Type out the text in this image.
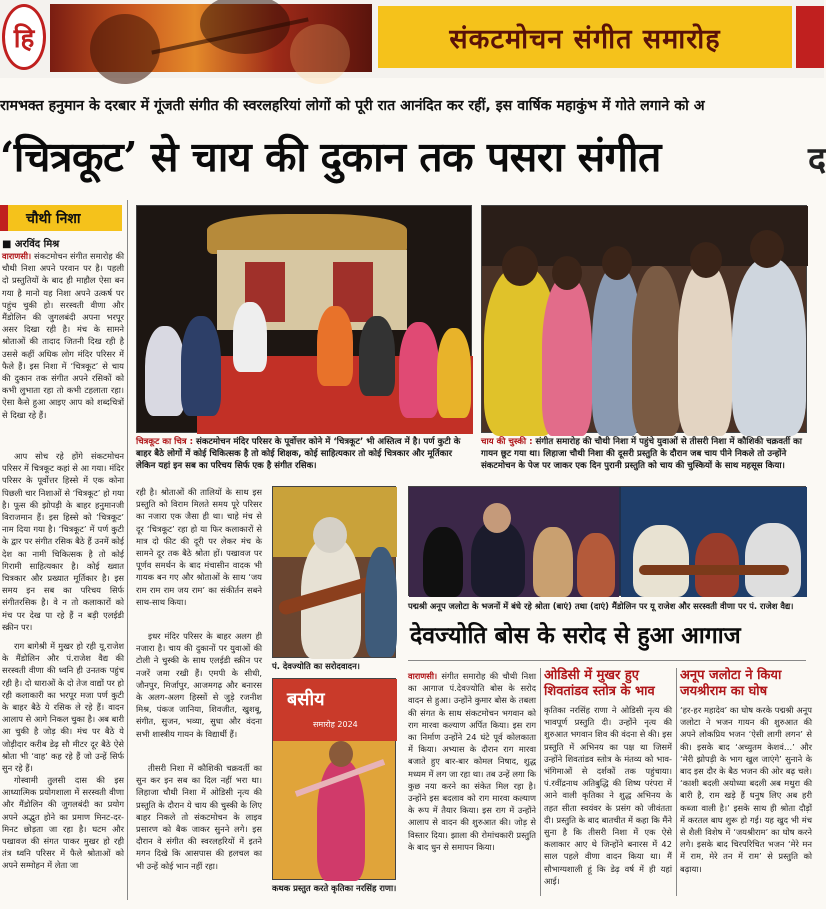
हि	संकटमोचन संगीत समारोह
रामभक्त हनुमान के दरबार में गूंजती संगीत की स्वरलहरियां लोगों को पूरी रात आनंदित कर रहीं, इस वार्षिक महाकुंभ में गोते लगाने को अ
‘चित्रकूट’ से चाय की दुकान तक पसरा संगीत	द
चौथी निशा
■ अरविंद मिश्र
वाराणसी। संकटमोचन संगीत समारोह की चौथी निशा अपने परवान पर है। पहली दो प्रस्तुतियों के बाद ही माहौल ऐसा बन गया है मानो यह निशा अपने उत्कर्ष पर पहुंच चुकी हो। सरस्वती वीणा और मैंडोलिन की जुगलबंदी अपना भरपूर असर दिखा रही है। मंच के सामने श्रोताओं की तादाद जितनी दिख रही है उससे कहीं अधिक लोग मंदिर परिसर में फैले हैं। इस निशा में ‘चित्रकूट’ से चाय की दुकान तक संगीत अपने रसिकों को कभी लुभाता रहा तो कभी टहलाता रहा। ऐसा कैसे हुआ आइए आप को शब्दचित्रों से दिखा रहे हैं।
आप सोच रहे होंगे संकटमोचन परिसर में चित्रकूट कहां से आ गया। मंदिर परिसर के पूर्वोत्तर हिस्से में एक कोना पिछली चार निशाओं से ‘चित्रकूट’ हो गया है। फूस की झोपड़ी के बाहर हनुमानजी विराजमान हैं। इस हिस्से को ‘चित्रकूट’ नाम दिया गया है। ‘चित्रकूट’ में पर्ण कुटी के द्वार पर संगीत रसिक बैठे हैं उनमें कोई देश का नामी चिकित्सक है तो कोई गिरामी साहित्यकार है। कोई ख्वात चित्रकार और प्रख्यात मूर्तिकार है। इस समय इन सब का परिचय सिर्फ संगीतरसिक है। वे न तो कलाकारों को मंच पर देख पा रहे हैं न बड़ी एलईडी स्क्रीन पर।
राग बागेश्री में मुखर हो रही यू.राजेश के मैंडोलिन और पं.राजेश वैद्य की सरस्वती वीणा की ध्वनि ही उनतक पहुंच रही है। दो धाराओं के दो तेज वाद्यों पर हो रही कलाकारी का भरपूर मजा पर्ण कुटी के बाहर बैठे ये रसिक ले रहे हैं। वादन आलाप से आगे निकल चुका है। अब बारी आ चुकी है जोड़ की। मंच पर बैठे ये जोड़ीदार करीब डेढ़ सौ मीटर दूर बैठे ऐसे श्रोता भी ‘वाह’ कह रहे हैं जो उन्हें सिर्फ सुन रहे हैं।
गोस्वामी तुलसी दास की इस आध्यात्मिक प्रयोगशाला में सरस्वती वीणा और मैंडोलिन की जुगलबंदी का प्रयोग अपने अद्भुत होने का प्रमाण मिनट-दर-मिनट छोड़ता जा रहा है। घटम और पखावज की संगत पाकर मुखर हो रही तंत्र ध्वनि परिसर में फैले श्रोताओं को अपने सम्मोहन में लेता जा
चित्रकूट का चित्र : संकटमोचन मंदिर परिसर के पूर्वोत्तर कोने में ‘चित्रकूट’ भी अस्तित्व में है। पर्ण कुटी के बाहर बैठे लोगों में कोई चिकित्सक है तो कोई शिक्षक, कोई साहित्यकार तो कोई चित्रकार और मूर्तिकार लेकिन यहां इन सब का परिचय सिर्फ एक है संगीत रसिक।
चाय की चुस्की : संगीत समारोह की चौथी निशा में पहुंचे युवाओं से तीसरी निशा में कौशिकी चक्रवर्ती का गायन छूट गया था। लिहाजा चौथी निशा की दूसरी प्रस्तुति के दौरान जब चाय पीने निकले तो उन्होंने संकटमोचन के पेज पर जाकर एक दिन पुरानी प्रस्तुति को चाय की चुस्कियों के साथ महसूस किया।
रही है। श्रोताओं की तालियों के साथ इस प्रस्तुति को विराम मिलते समय पूरे परिसर का नजारा एक जैसा ही था। चाहे मंच से दूर ‘चित्रकूट’ रहा हो या फिर कलाकारों से मात्र दो फीट की दूरी पर लेकर मंच के सामने दूर तक बैठे श्रोता हों। पखावज पर पूर्णव समर्थन के बाद मंचासीन वादक भी गायक बन गए और श्रोताओं के साथ ‘जय राम राम राम जय राम’ का संकीर्तन सबने साथ-साथ किया।
इधर मंदिर परिसर के बाहर अलग ही नजारा है। चाय की दुकानों पर युवाओं की टोली ने चुस्की के साथ एलईडी स्क्रीन पर नजरें जमा रखी हैं। एमपी के सीधी, जौनपुर, मिर्जापुर, आजमगढ़ और बनारस के अलग-अलग हिस्सों से जुड़े रजनीश मिश्र, पंकज जानिया, शिवजीत, खुशबू, संगीत, सुजन, भव्या, सुधा और वंदना सभी शास्त्रीय गायन के विद्यार्थी हैं।
तीसरी निशा में कौशिकी चक्रवर्ती का सुन कर इन सब का दिल नहीं भरा था। लिहाजा चौथी निशा में ओडिसी नृत्य की प्रस्तुति के दौरान ये चाय की चुस्की के लिए बाहर निकले तो संकटमोचन के लाइव प्रसारण को बैक जाकर सुनने लगे। इस दौरान वे संगीत की स्वरलहरियों में इतने मगन दिखे कि आसपास की हलचल का भी उन्हें कोई भान नहीं रहा।
पं. देवज्योति का सरोदवादन।
पद्मश्री अनूप जलोटा के भजनों में बंधे रहे श्रोता (बाएं) तथा (दाएं) मैंडोलिन पर यू राजेश और सरस्वती वीणा पर पं. राजेश वैद्य।
देवज्योति बोस के सरोद से हुआ आगाज
बसीय
समारोह 2024
कथक प्रस्तुत करते कृतिका नरसिंह राणा।
वाराणसी। संगीत समारोह की चौथी निशा का आगाज पं.देवज्योति बोस के सरोद वादन से हुआ। उन्होंने कुमार बोस के तबला की संगत के साथ संकटमोचन भगवान को राग मारवा कल्याण अर्पित किया। इस राग का निर्माण उन्होंने 24 घंटे पूर्व कोलकाता में किया। अभ्यास के दौरान राग मारवा बजाते हुए बार-बार कोमल निषाद, शुद्ध मध्यम में लग जा रहा था। तब उन्हें लगा कि कुछ नया करने का संकेत मिल रहा है। उन्होंने इस बदलाव को राग मारवा कल्याण के रूप में तैयार किया। इस राग में उन्होंने आलाप से वादन की शुरुआत की। जोड़ से विस्तार दिया। झाला की रोमांचकारी प्रस्तुति के बाद धुन से समापन किया।
ओडिसी में मुखर हुए शिवतांडव स्तोत्र के भाव
कृतिका नरसिंह राणा ने ओडिसी नृत्य की भावपूर्ण प्रस्तुति दी। उन्होंने नृत्य की शुरुआत भगवान शिव की वंदना से की। इस प्रस्तुति में अभिनय का पक्ष था जिसमें उन्होंने शिवतांडव स्तोत्र के मंतव्य को भाव-भंगिमाओं से दर्शकों तक पहुंचाया। पं.रवींद्रनाथ अतिबुद्धि की शिष्य परंपरा में आने वाली कृतिका ने शुद्ध अभिनय के तहत सीता स्वयंवर के प्रसंग को जीवंतता दी। प्रस्तुति के बाद बातचीत में कहा कि मैंने सुना है कि तीसरी निशा में एक ऐसे कलाकार आए थे जिन्होंने बनारस में 42 साल पहले वीणा वादन किया था। मैं सौभाग्यशाली हूं कि डेढ़ वर्ष में ही यहां आई।
अनूप जलोटा ने किया जयश्रीराम का घोष
‘हर-हर महादेव’ का घोष करके पद्मश्री अनूप जलोटा ने भजन गायन की शुरुआत की अपने लोकप्रिय भजन ‘ऐसी लागी लगन’ से की। इसके बाद ‘अच्युतम केशवं…’ और ‘मेरी झोपड़ी के भाग खुल जाएंगे’ सुनाने के बाद इस दौर के बैठ भजन की ओर बढ़ चले। ‘काशी बदली अयोध्या बदली अब मथुरा की बारी है, राम खड़े हैं धनुष लिए अब हरी कब्जा वाली है।’ इसके साथ ही श्रोता दौड़ों में करतल बाघ शुरू हो गई। यह खुद भी मंच से शैली विशेष में ‘जयश्रीराम’ का घोष करने लगे। इसके बाद चिरपरिचित भजन ‘मेरे मन में राम, मेरे तन में राम’ से प्रस्तुति को बढ़ाया।
